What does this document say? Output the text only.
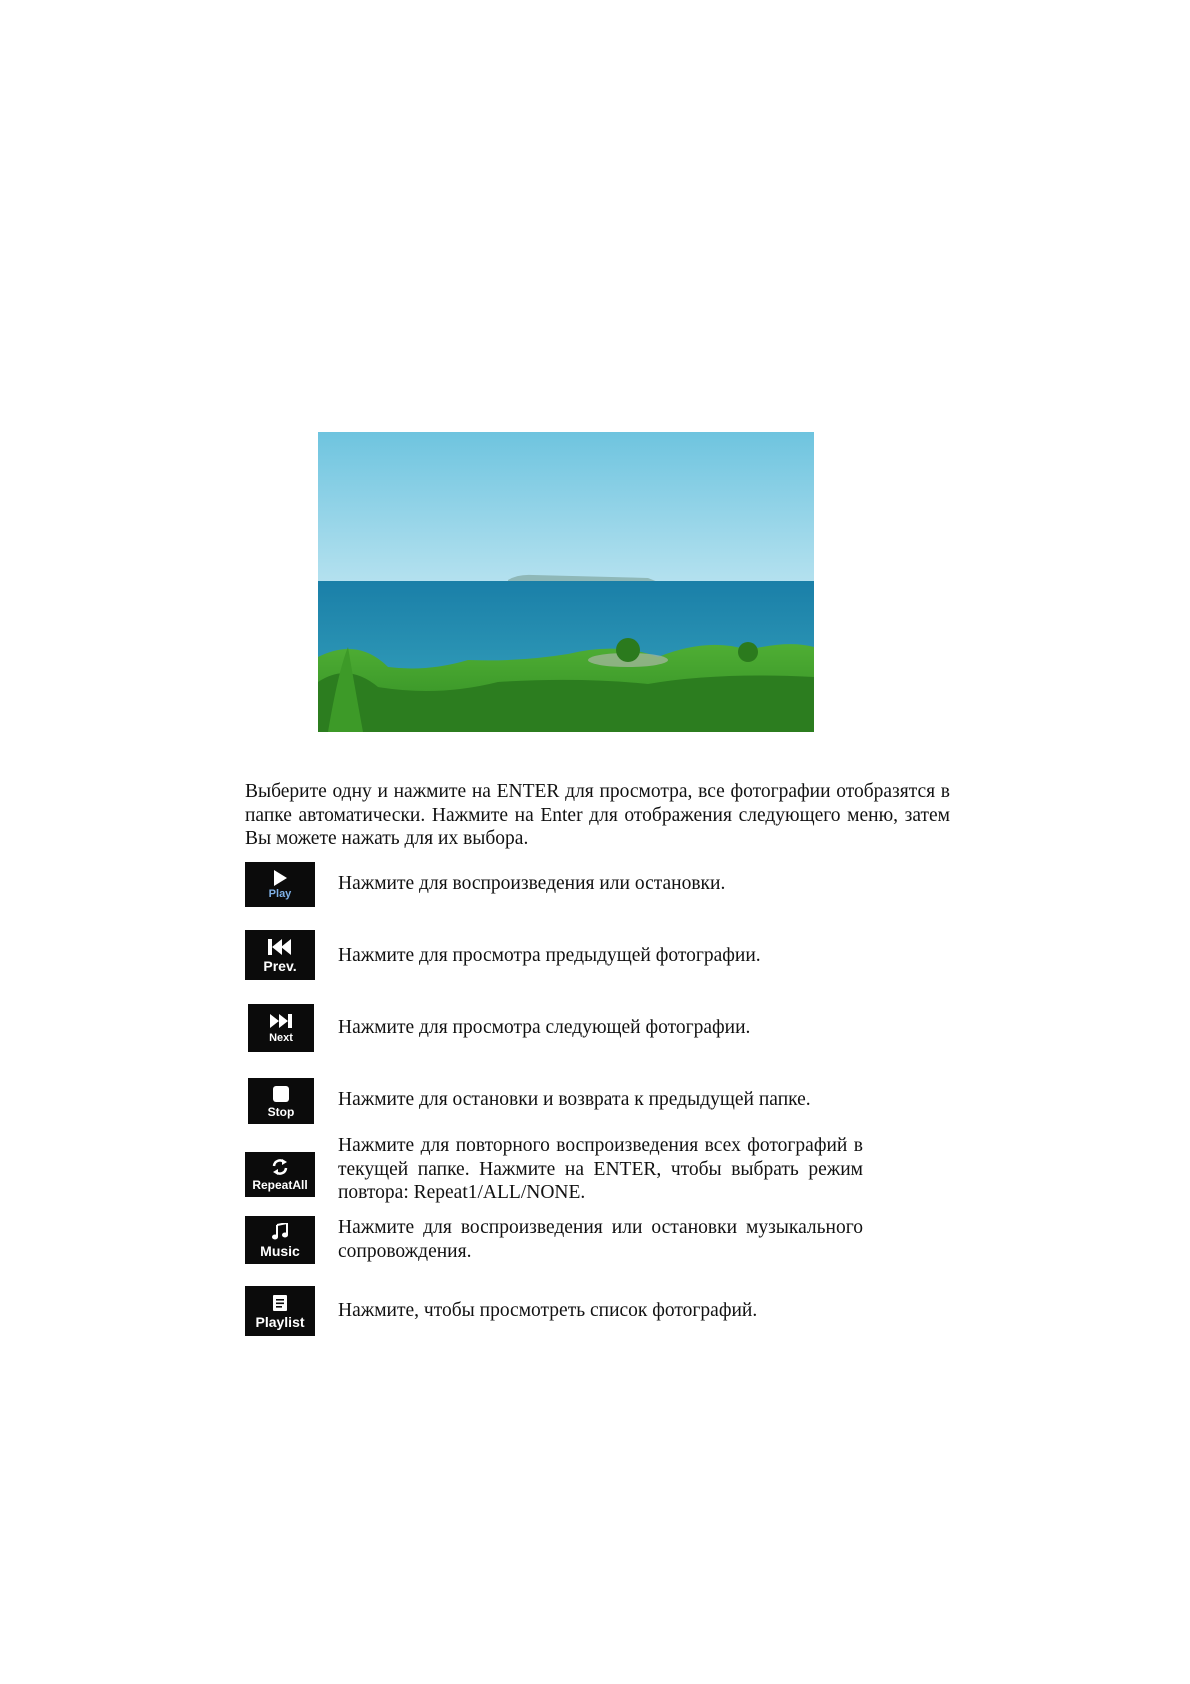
Выберите одну и нажмите на ENTER для просмотра, все фотографии отобразятся в папке автоматически. Нажмите на Enter для отображения следующего меню, затем Вы можете нажать для их выбора.
Play Нажмите для воспроизведения или остановки.
Prev. Нажмите для просмотра предыдущей фотографии.
Next Нажмите для просмотра следующей фотографии.
Stop
Нажмите для остановки и возврата к предыдущей папке.
RepeatAll
Нажмите для повторного воспроизведения всех фотографий в текущей папке. Нажмите на ENTER, чтобы выбрать режим повтора: Repeat1/ALL/NONE.
Music
Нажмите для воспроизведения или остановки музыкального сопровождения.
Playlist
Нажмите, чтобы просмотреть список фотографий.
